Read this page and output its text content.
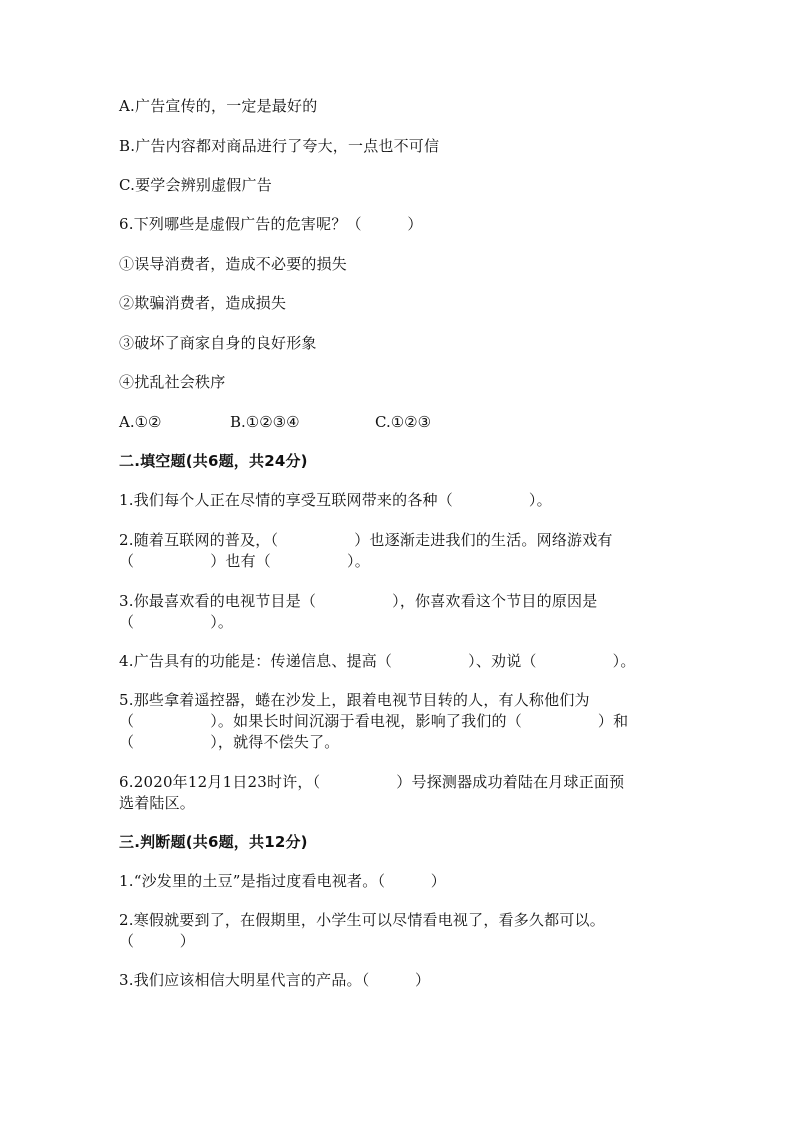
A.广告宣传的，一定是最好的
B.广告内容都对商品进行了夸大，一点也不可信
C.要学会辨别虚假广告
6.下列哪些是虚假广告的危害呢？（　　　）
①误导消费者，造成不必要的损失
②欺骗消费者，造成损失
③破坏了商家自身的良好形象
④扰乱社会秩序
A.①②	B.①②③④	C.①②③
二.填空题(共6题，共24分)
1.我们每个人正在尽情的享受互联网带来的各种（　　　　　）。
2.随着互联网的普及，（　　　　　）也逐渐走进我们的生活。网络游戏有
（　　　　　）也有（　　　　　）。
3.你最喜欢看的电视节目是（　　　　　），你喜欢看这个节目的原因是
（　　　　　）。
4.广告具有的功能是：传递信息、提高（　　　　　）、劝说（　　　　　）。
5.那些拿着遥控器，蜷在沙发上，跟着电视节目转的人，有人称他们为
（　　　　　）。如果长时间沉溺于看电视，影响了我们的（　　　　　）和
（　　　　　），就得不偿失了。
6.2020年12月1日23时许，（　　　　　）号探测器成功着陆在月球正面预
选着陆区。
三.判断题(共6题，共12分)
1.“沙发里的土豆”是指过度看电视者。（　　　）
2.寒假就要到了，在假期里，小学生可以尽情看电视了，看多久都可以。
（　　　）
3.我们应该相信大明星代言的产品。（　　　）
